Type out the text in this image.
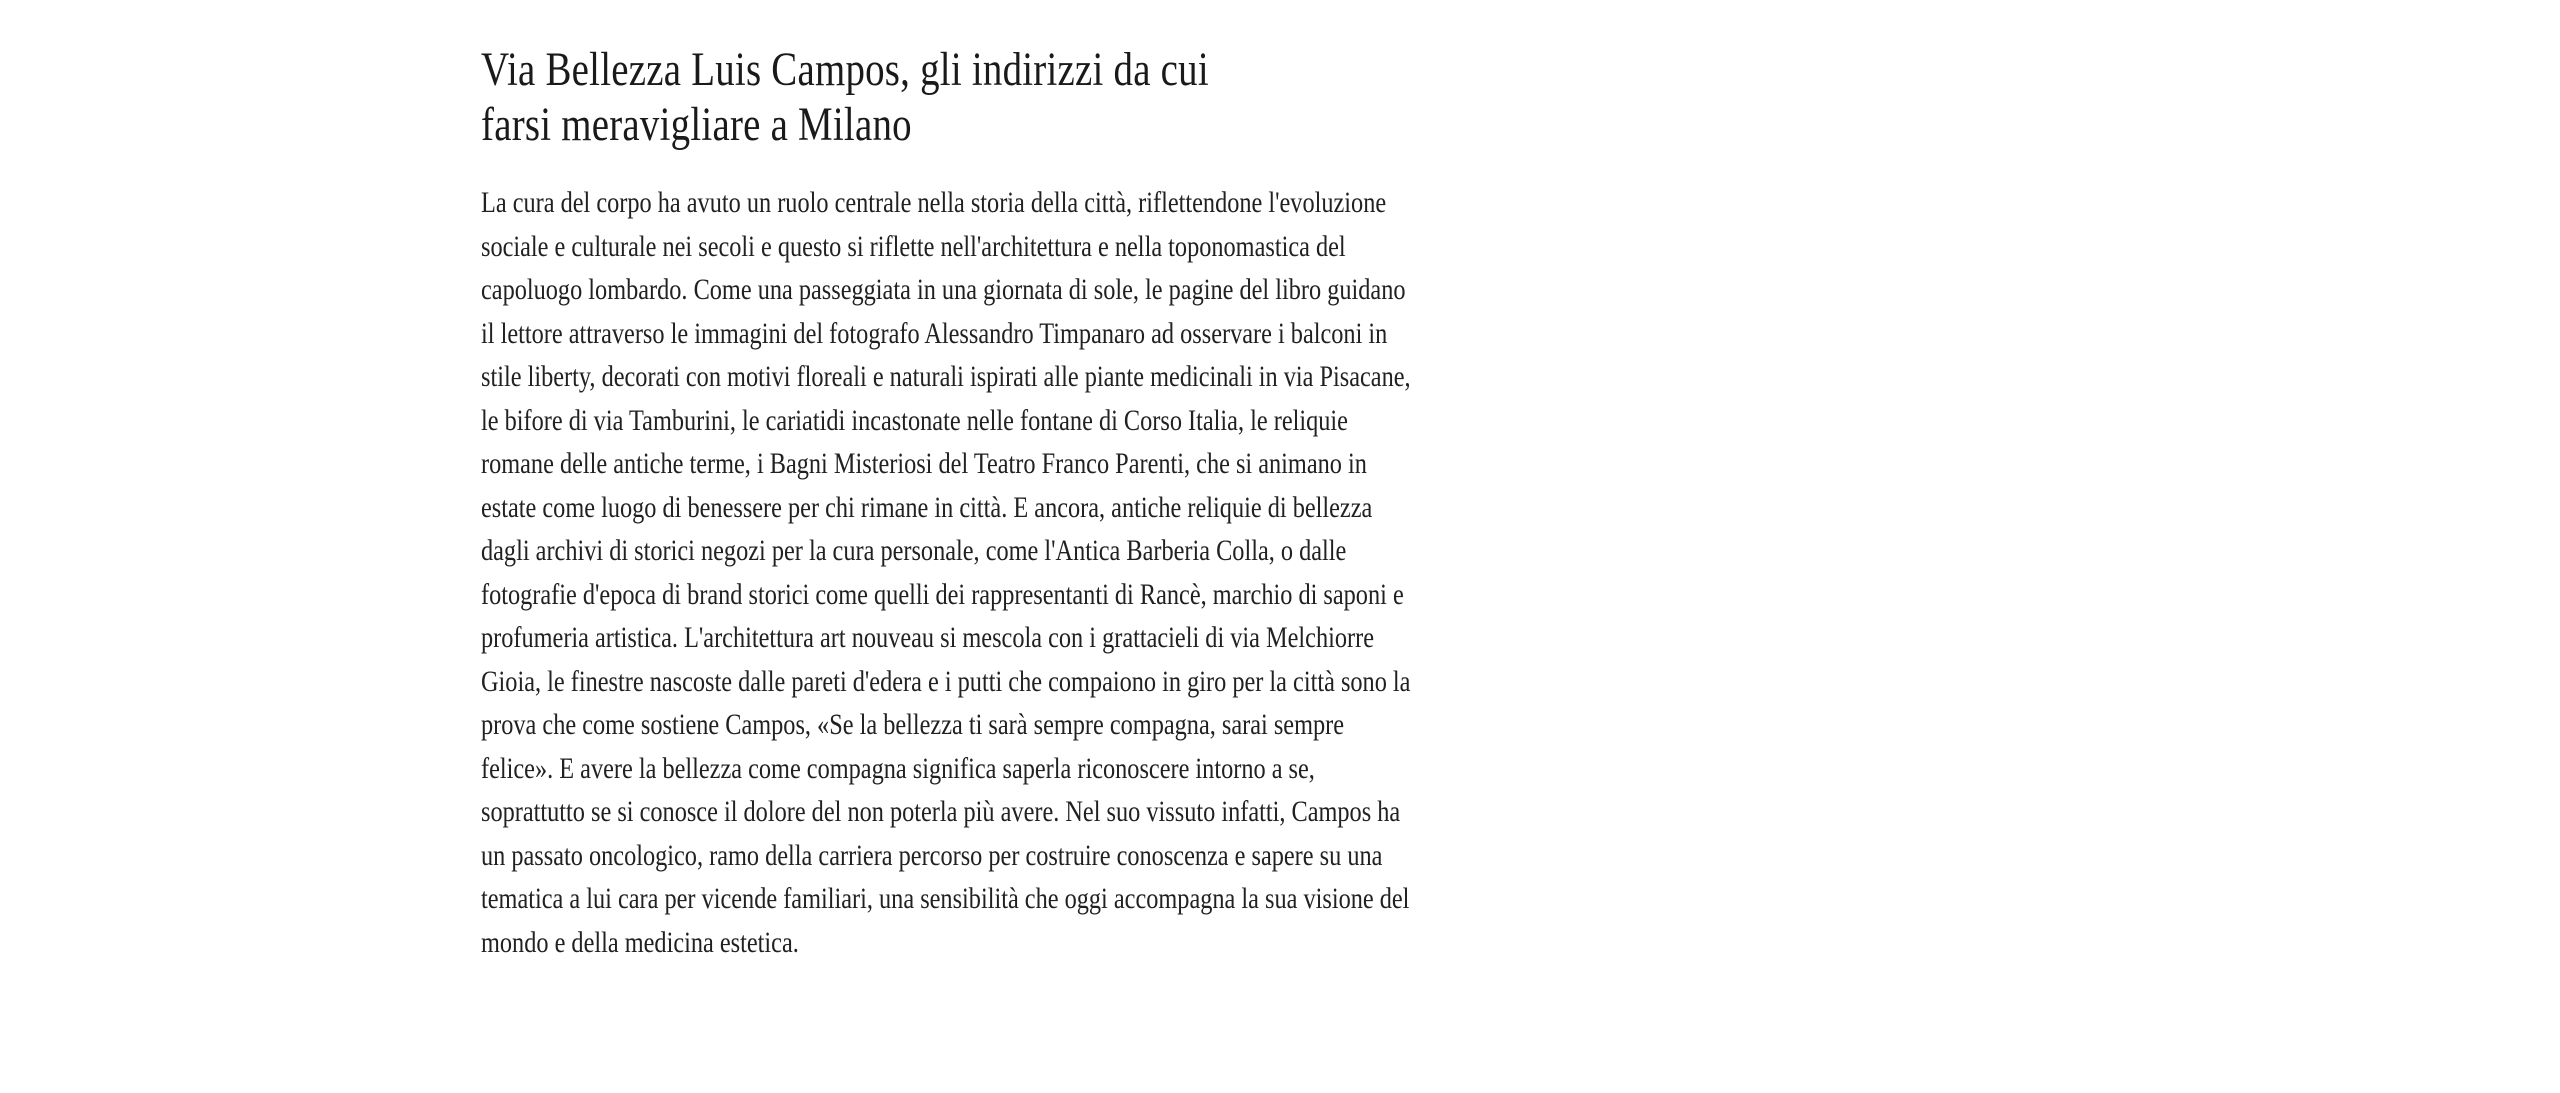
Via Bellezza Luis Campos, gli indirizzi da cui
farsi meravigliare a Milano

La cura del corpo ha avuto un ruolo centrale nella storia della città, riflettendone l'evoluzione sociale e culturale nei secoli e questo si riflette nell'architettura e nella toponomastica del capoluogo lombardo. Come una passeggiata in una giornata di sole, le pagine del libro guidano il lettore attraverso le immagini del fotografo Alessandro Timpanaro ad osservare i balconi in stile liberty, decorati con motivi floreali e naturali ispirati alle piante medicinali in via Pisacane, le bifore di via Tamburini, le cariatidi incastonate nelle fontane di Corso Italia, le reliquie romane delle antiche terme, i Bagni Misteriosi del Teatro Franco Parenti, che si animano in estate come luogo di benessere per chi rimane in città. E ancora, antiche reliquie di bellezza dagli archivi di storici negozi per la cura personale, come l'Antica Barberia Colla, o dalle fotografie d'epoca di brand storici come quelli dei rappresentanti di Rancè, marchio di saponi e profumeria artistica. L'architettura art nouveau si mescola con i grattacieli di via Melchiorre Gioia, le finestre nascoste dalle pareti d'edera e i putti che compaiono in giro per la città sono la prova che come sostiene Campos, «Se la bellezza ti sarà sempre compagna, sarai sempre felice». E avere la bellezza come compagna significa saperla riconoscere intorno a se, soprattutto se si conosce il dolore del non poterla più avere. Nel suo vissuto infatti, Campos ha un passato oncologico, ramo della carriera percorso per costruire conoscenza e sapere su una tematica a lui cara per vicende familiari, una sensibilità che oggi accompagna la sua visione del mondo e della medicina estetica.
